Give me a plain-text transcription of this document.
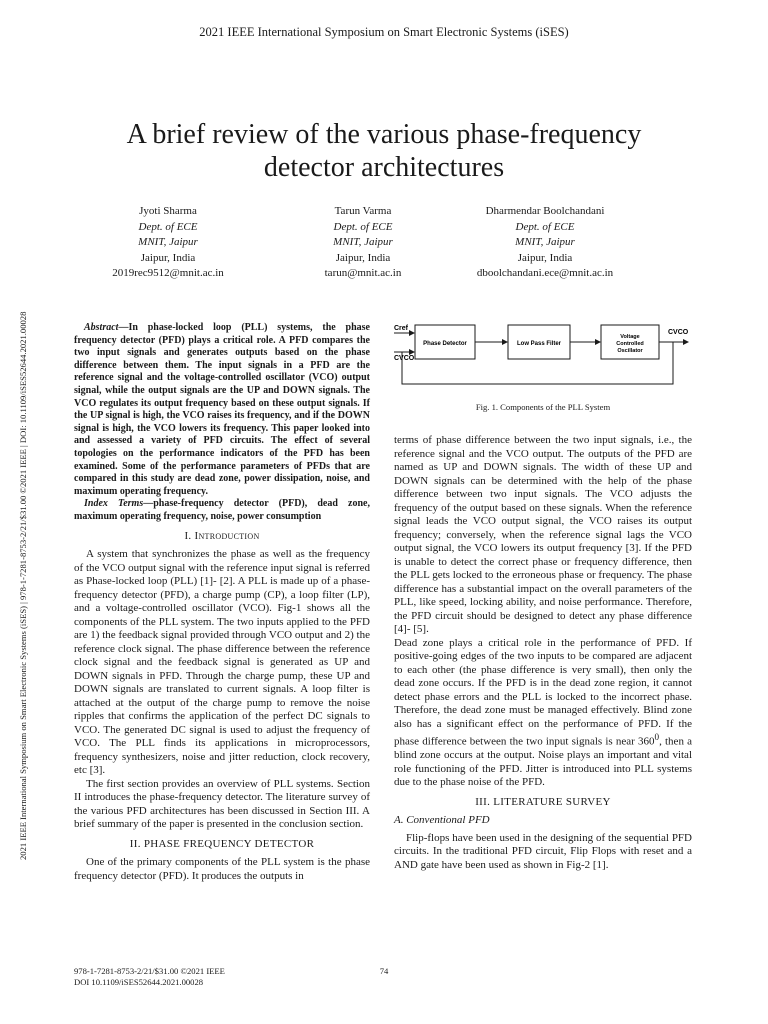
2021 IEEE International Symposium on Smart Electronic Systems (iSES)
2021 IEEE International Symposium on Smart Electronic Systems (iSES) | 978-1-7281-8753-2/21/$31.00 ©2021 IEEE | DOI: 10.1109/iSES52644.2021.00028
A brief review of the various phase-frequency
detector architectures
Jyoti Sharma
Dept. of ECE
MNIT, Jaipur
Jaipur, India
2019rec9512@mnit.ac.in
Tarun Varma
Dept. of ECE
MNIT, Jaipur
Jaipur, India
tarun@mnit.ac.in
Dharmendar Boolchandani
Dept. of ECE
MNIT, Jaipur
Jaipur, India
dboolchandani.ece@mnit.ac.in

Abstract—In phase-locked loop (PLL) systems, the phase frequency detector (PFD) plays a critical role. A PFD compares the two input signals and generates outputs based on the phase difference between them. The input signals in a PFD are the reference signal and the voltage-controlled oscillator (VCO) output signal, while the output signals are the UP and DOWN signals. The VCO regulates its output frequency based on these output signals. If the UP signal is high, the VCO raises its frequency, and if the DOWN signal is high, the VCO lowers its frequency. This paper looked into and assessed a variety of PFD circuits. The effect of several topologies on the performance indicators of the PFD has been examined. Some of the performance parameters of PFDs that are compared in this study are dead zone, power dissipation, noise, and maximum operating frequency.

Index Terms—phase-frequency detector (PFD), dead zone, maximum operating frequency, noise, power consumption

I. Introduction

A system that synchronizes the phase as well as the frequency of the VCO output signal with the reference input signal is referred as Phase-locked loop (PLL) [1]- [2]. A PLL is made up of a phase-frequency detector (PFD), a charge pump (CP), a loop filter (LP), and a voltage-controlled oscillator (VCO). Fig-1 shows all the components of the PLL system. The two inputs applied to the PFD are 1) the feedback signal provided through VCO output and 2) the reference clock signal. The phase difference between the reference clock signal and the feedback signal is generated as UP and DOWN signals in PFD. Through the charge pump, these UP and DOWN signals are translated to current signals. A loop filter is attached at the output of the charge pump to remove the noise ripples that confirms the application of the perfect DC signals to VCO. The generated DC signal is used to adjust the frequency of VCO. The PLL finds its applications in microprocessors, frequency synthesizers, noise and jitter reduction, clock recovery, etc [3].

The first section provides an overview of PLL systems. Section II introduces the phase-frequency detector. The literature survey of the various PFD architectures has been discussed in Section III. A brief summary of the paper is presented in the conclusion section.

II. PHASE FREQUENCY DETECTOR

One of the primary components of the PLL system is the phase frequency detector (PFD). It produces the outputs in

Cref
CVCO
Phase Detector	Low Pass Filter
Voltage
Controlled
Oscillator
CVCO
Fig. 1. Components of the PLL System

terms of phase difference between the two input signals, i.e., the reference signal and the VCO output. The outputs of the PFD are named as UP and DOWN signals. The width of these UP and DOWN signals can be determined with the help of the phase difference between two input signals. The VCO adjusts the frequency of the output based on these signals. When the reference signal leads the VCO output signal, the VCO raises its output frequency; conversely, when the reference signal lags the VCO output signal, the VCO lowers its output frequency [3]. If the PFD is unable to detect the correct phase or frequency difference, then the PLL gets locked to the erroneous phase or frequency. The phase difference has a substantial impact on the overall parameters of the PLL, like speed, locking ability, and noise performance. Therefore, the PFD circuit should be designed to detect any phase difference [4]- [5].

Dead zone plays a critical role in the performance of PFD. If positive-going edges of the two inputs to be compared are adjacent to each other (the phase difference is very small), then only the dead zone occurs. If the PFD is in the dead zone region, it cannot detect phase errors and the PLL is locked to the incorrect phase. Therefore, the dead zone must be managed effectively. Blind zone also has a significant effect on the performance of PFD. If the phase difference between the two input signals is near $360^0$, then a blind zone occurs at the output. Noise plays an important and vital role functioning of the PFD. Jitter is introduced into PLL systems due to the phase noise of the PFD.

III. LITERATURE SURVEY
A. Conventional PFD

Flip-flops have been used in the designing of the sequential PFD circuits. In the traditional PFD circuit, Flip Flops with reset and a AND gate have been used as shown in Fig-2 [1].

978-1-7281-8753-2/21/$31.00 ©2021 IEEE
DOI 10.1109/iSES52644.2021.00028
74
